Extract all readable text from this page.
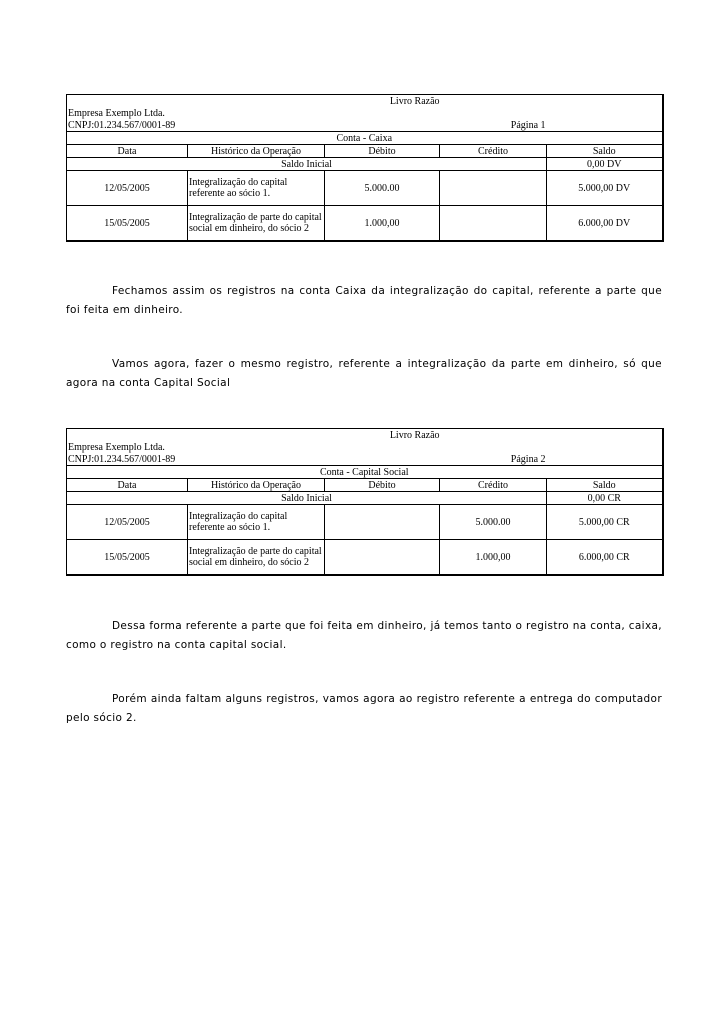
Livro Razão				
Empresa Exemplo Ltda.				
CNPJ:01.234.567/0001-89			Página 1	
Conta - Caixa				
Data	Histórico da Operação	Débito	Crédito	Saldo
Saldo Inicial				0,00 DV
12/05/2005	Integralização do capital referente ao sócio 1.	5.000.00		5.000,00 DV
15/05/2005	Integralização de parte do capital social em dinheiro, do sócio 2	1.000,00		6.000,00 DV

Fechamos assim os registros na conta Caixa da integralização do capital, referente a parte que foi feita em dinheiro.

Vamos agora, fazer o mesmo registro, referente a integralização da parte em dinheiro, só que agora na conta Capital Social

Livro Razão				
Empresa Exemplo Ltda.				
CNPJ:01.234.567/0001-89			Página 2	
Conta - Capital Social				
Data	Histórico da Operação	Débito	Crédito	Saldo
Saldo Inicial				0,00 CR
12/05/2005	Integralização do capital referente ao sócio 1.		5.000.00	5.000,00 CR
15/05/2005	Integralização de parte do capital social em dinheiro, do sócio 2		1.000,00	6.000,00 CR

Dessa forma referente a parte que foi feita em dinheiro, já temos tanto o registro na conta, caixa, como o registro na conta capital social.

Porém ainda faltam alguns registros, vamos agora ao registro referente a entrega do computador pelo sócio 2.
